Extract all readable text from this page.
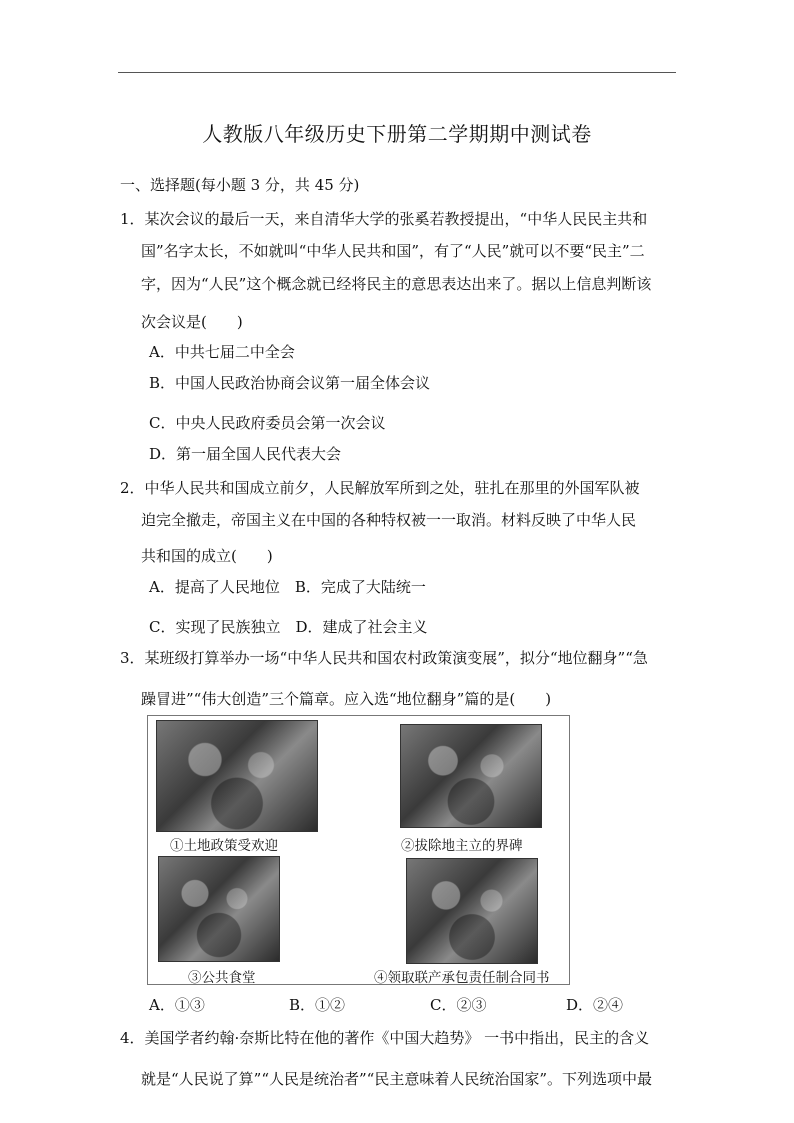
人教版八年级历史下册第二学期期中测试卷
一、选择题(每小题 3 分，共 45 分)
1．某次会议的最后一天，来自清华大学的张奚若教授提出，“中华人民民主共和
国”名字太长，不如就叫“中华人民共和国”，有了“人民”就可以不要“民主”二
字，因为“人民”这个概念就已经将民主的意思表达出来了。据以上信息判断该
次会议是(　　)
A．中共七届二中全会
B．中国人民政治协商会议第一届全体会议
C．中央人民政府委员会第一次会议
D．第一届全国人民代表大会
2．中华人民共和国成立前夕，人民解放军所到之处，驻扎在那里的外国军队被
迫完全撤走，帝国主义在中国的各种特权被一一取消。材料反映了中华人民
共和国的成立(　　)
A．提高了人民地位　B．完成了大陆统一
C．实现了民族独立　D．建成了社会主义
3．某班级打算举办一场“中华人民共和国农村政策演变展”，拟分“地位翻身”“急
躁冒进”“伟大创造”三个篇章。应入选“地位翻身”篇的是(　　)
①土地政策受欢迎	②拔除地主立的界碑
③公共食堂	④领取联产承包责任制合同书
A．①③	B．①②	C．②③	D．②④
4．美国学者约翰·奈斯比特在他的著作《中国大趋势》 一书中指出，民主的含义
就是“人民说了算”“人民是统治者”“民主意味着人民统治国家”。下列选项中最
